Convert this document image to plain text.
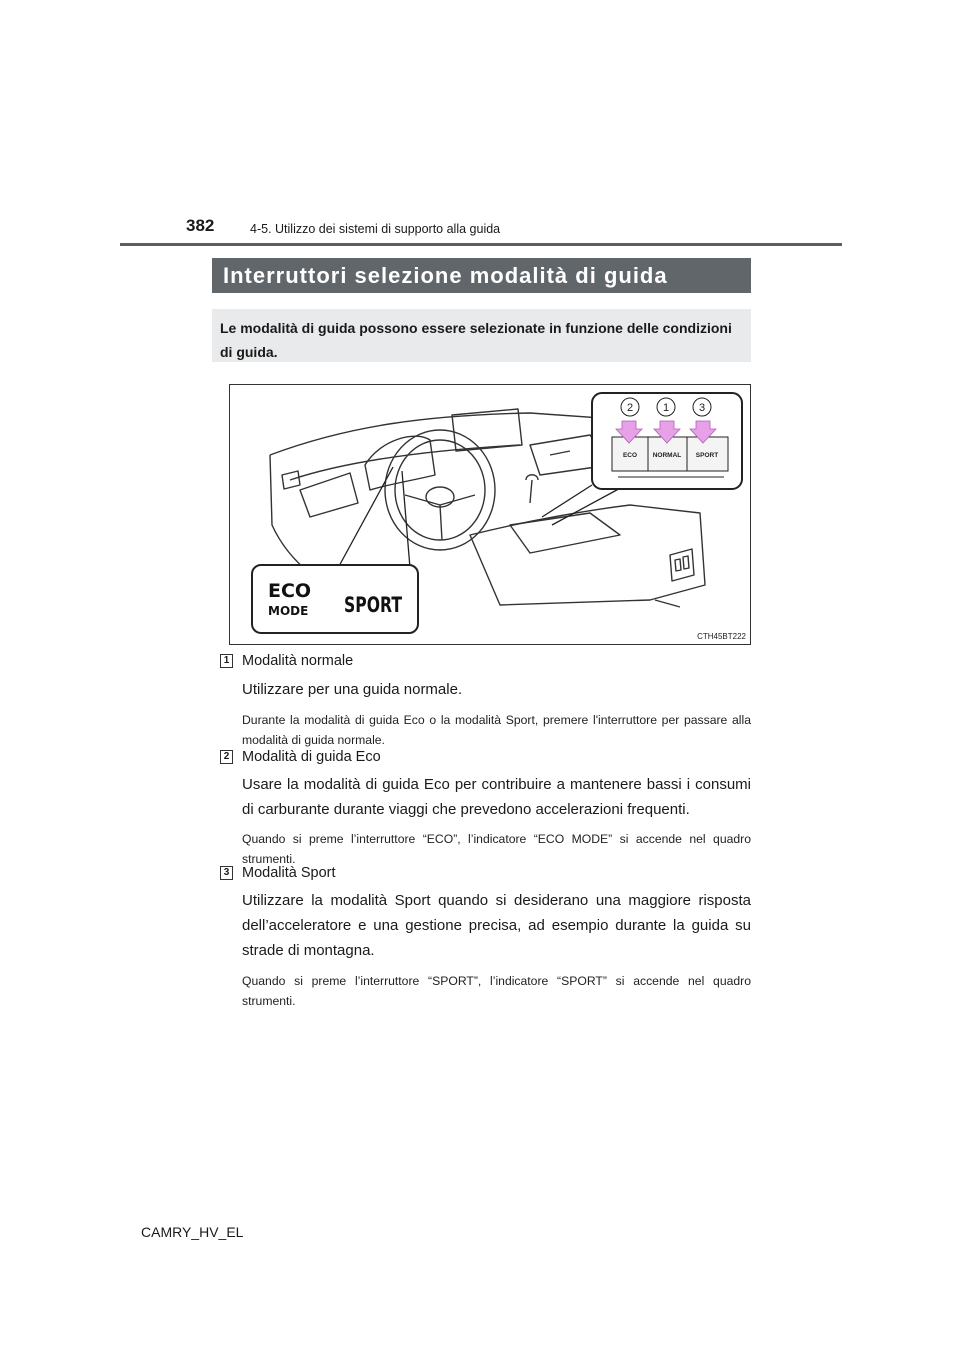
382	4-5. Utilizzo dei sistemi di supporto alla guida
Interruttori selezione modalità di guida
Le modalità di guida possono essere selezionate in funzione delle condizioni di guida.
2	1	3
ECO NORMAL SPORT
ECO
MODE SPORT
CTH45BT222
1 Modalità normale
Utilizzare per una guida normale.
Durante la modalità di guida Eco o la modalità Sport, premere l'interruttore per passare alla modalità di guida normale.
2 Modalità di guida Eco
Usare la modalità di guida Eco per contribuire a mantenere bassi i consumi di carburante durante viaggi che prevedono accelerazioni frequenti.
Quando si preme l’interruttore “ECO”, l’indicatore “ECO MODE” si accende nel quadro strumenti.
3 Modalità Sport
Utilizzare la modalità Sport quando si desiderano una maggiore risposta dell’acceleratore e una gestione precisa, ad esempio durante la guida su strade di montagna.
Quando si preme l’interruttore “SPORT”, l’indicatore “SPORT” si accende nel quadro strumenti.
CAMRY_HV_EL
